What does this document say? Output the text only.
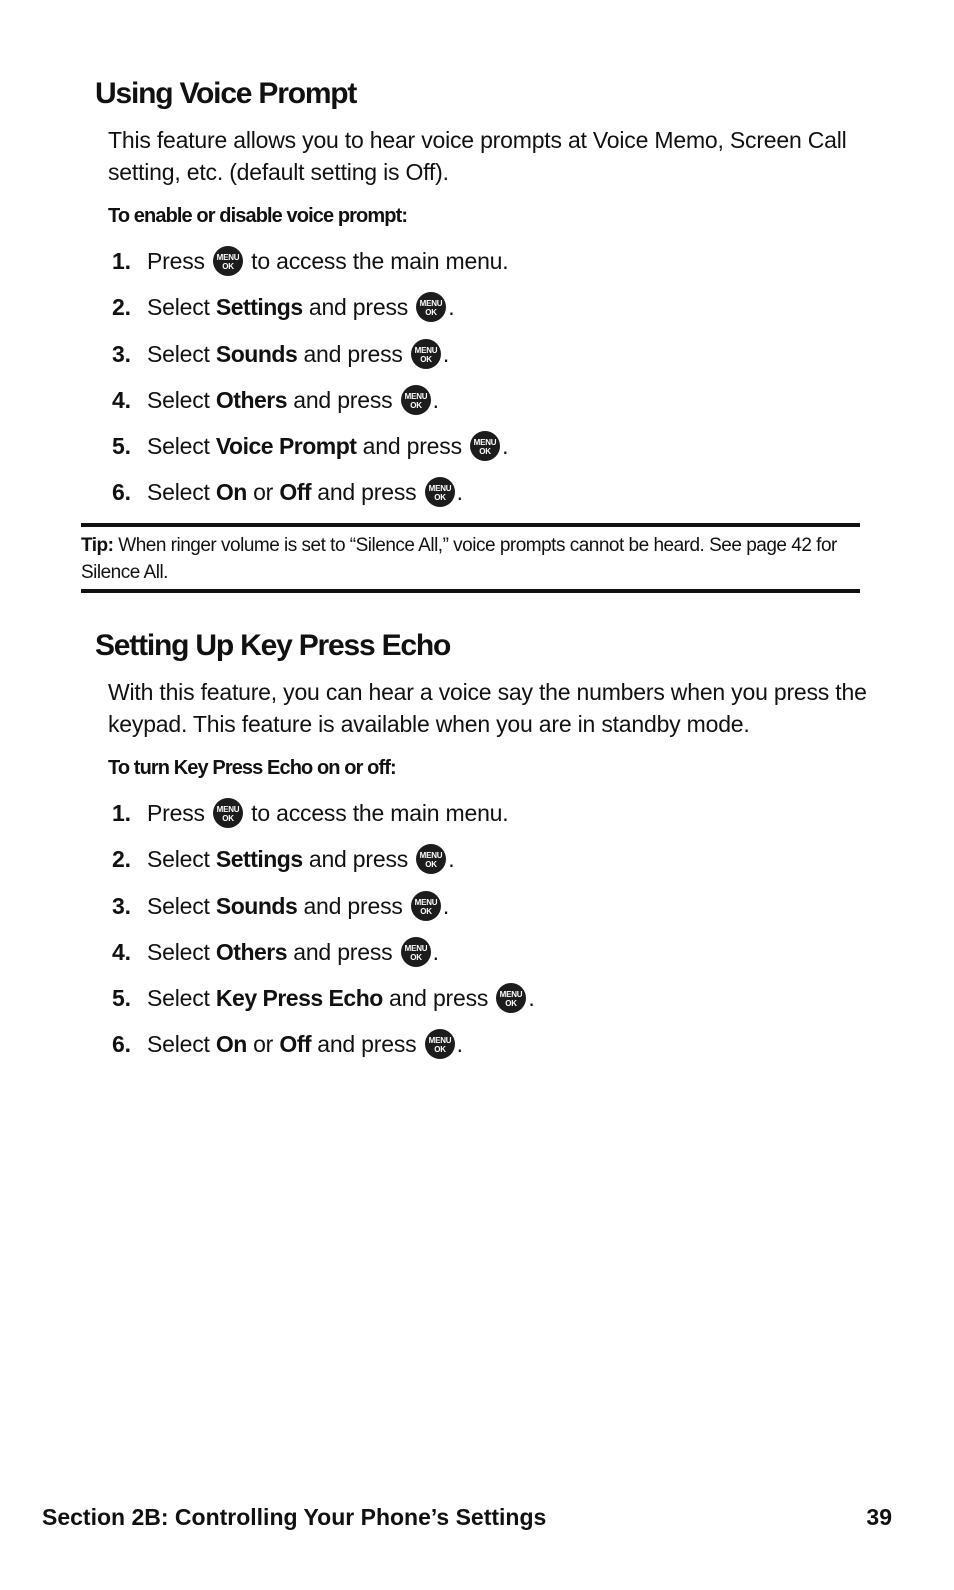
Using Voice Prompt
This feature allows you to hear voice prompts at Voice Memo, Screen Call setting, etc. (default setting is Off).
To enable or disable voice prompt:
1. Press MENU
OK to access the main menu.
2. Select Settings and press MENU
OK .
3. Select Sounds and press MENU
OK .
4. Select Others and press MENU
OK .
5. Select Voice Prompt and press MENU
OK .
6. Select On or Off and press MENU
OK .
Tip: When ringer volume is set to “Silence All,” voice prompts cannot be heard. See page 42 for Silence All.
Setting Up Key Press Echo
With this feature, you can hear a voice say the numbers when you press the keypad. This feature is available when you are in standby mode.
To turn Key Press Echo on or off:
1. Press MENU
OK to access the main menu.
2. Select Settings and press MENU
OK .
3. Select Sounds and press MENU
OK .
4. Select Others and press MENU
OK .
5. Select Key Press Echo and press MENU
OK .
6. Select On or Off and press MENU
OK .
Section 2B: Controlling Your Phone’s Settings	39
